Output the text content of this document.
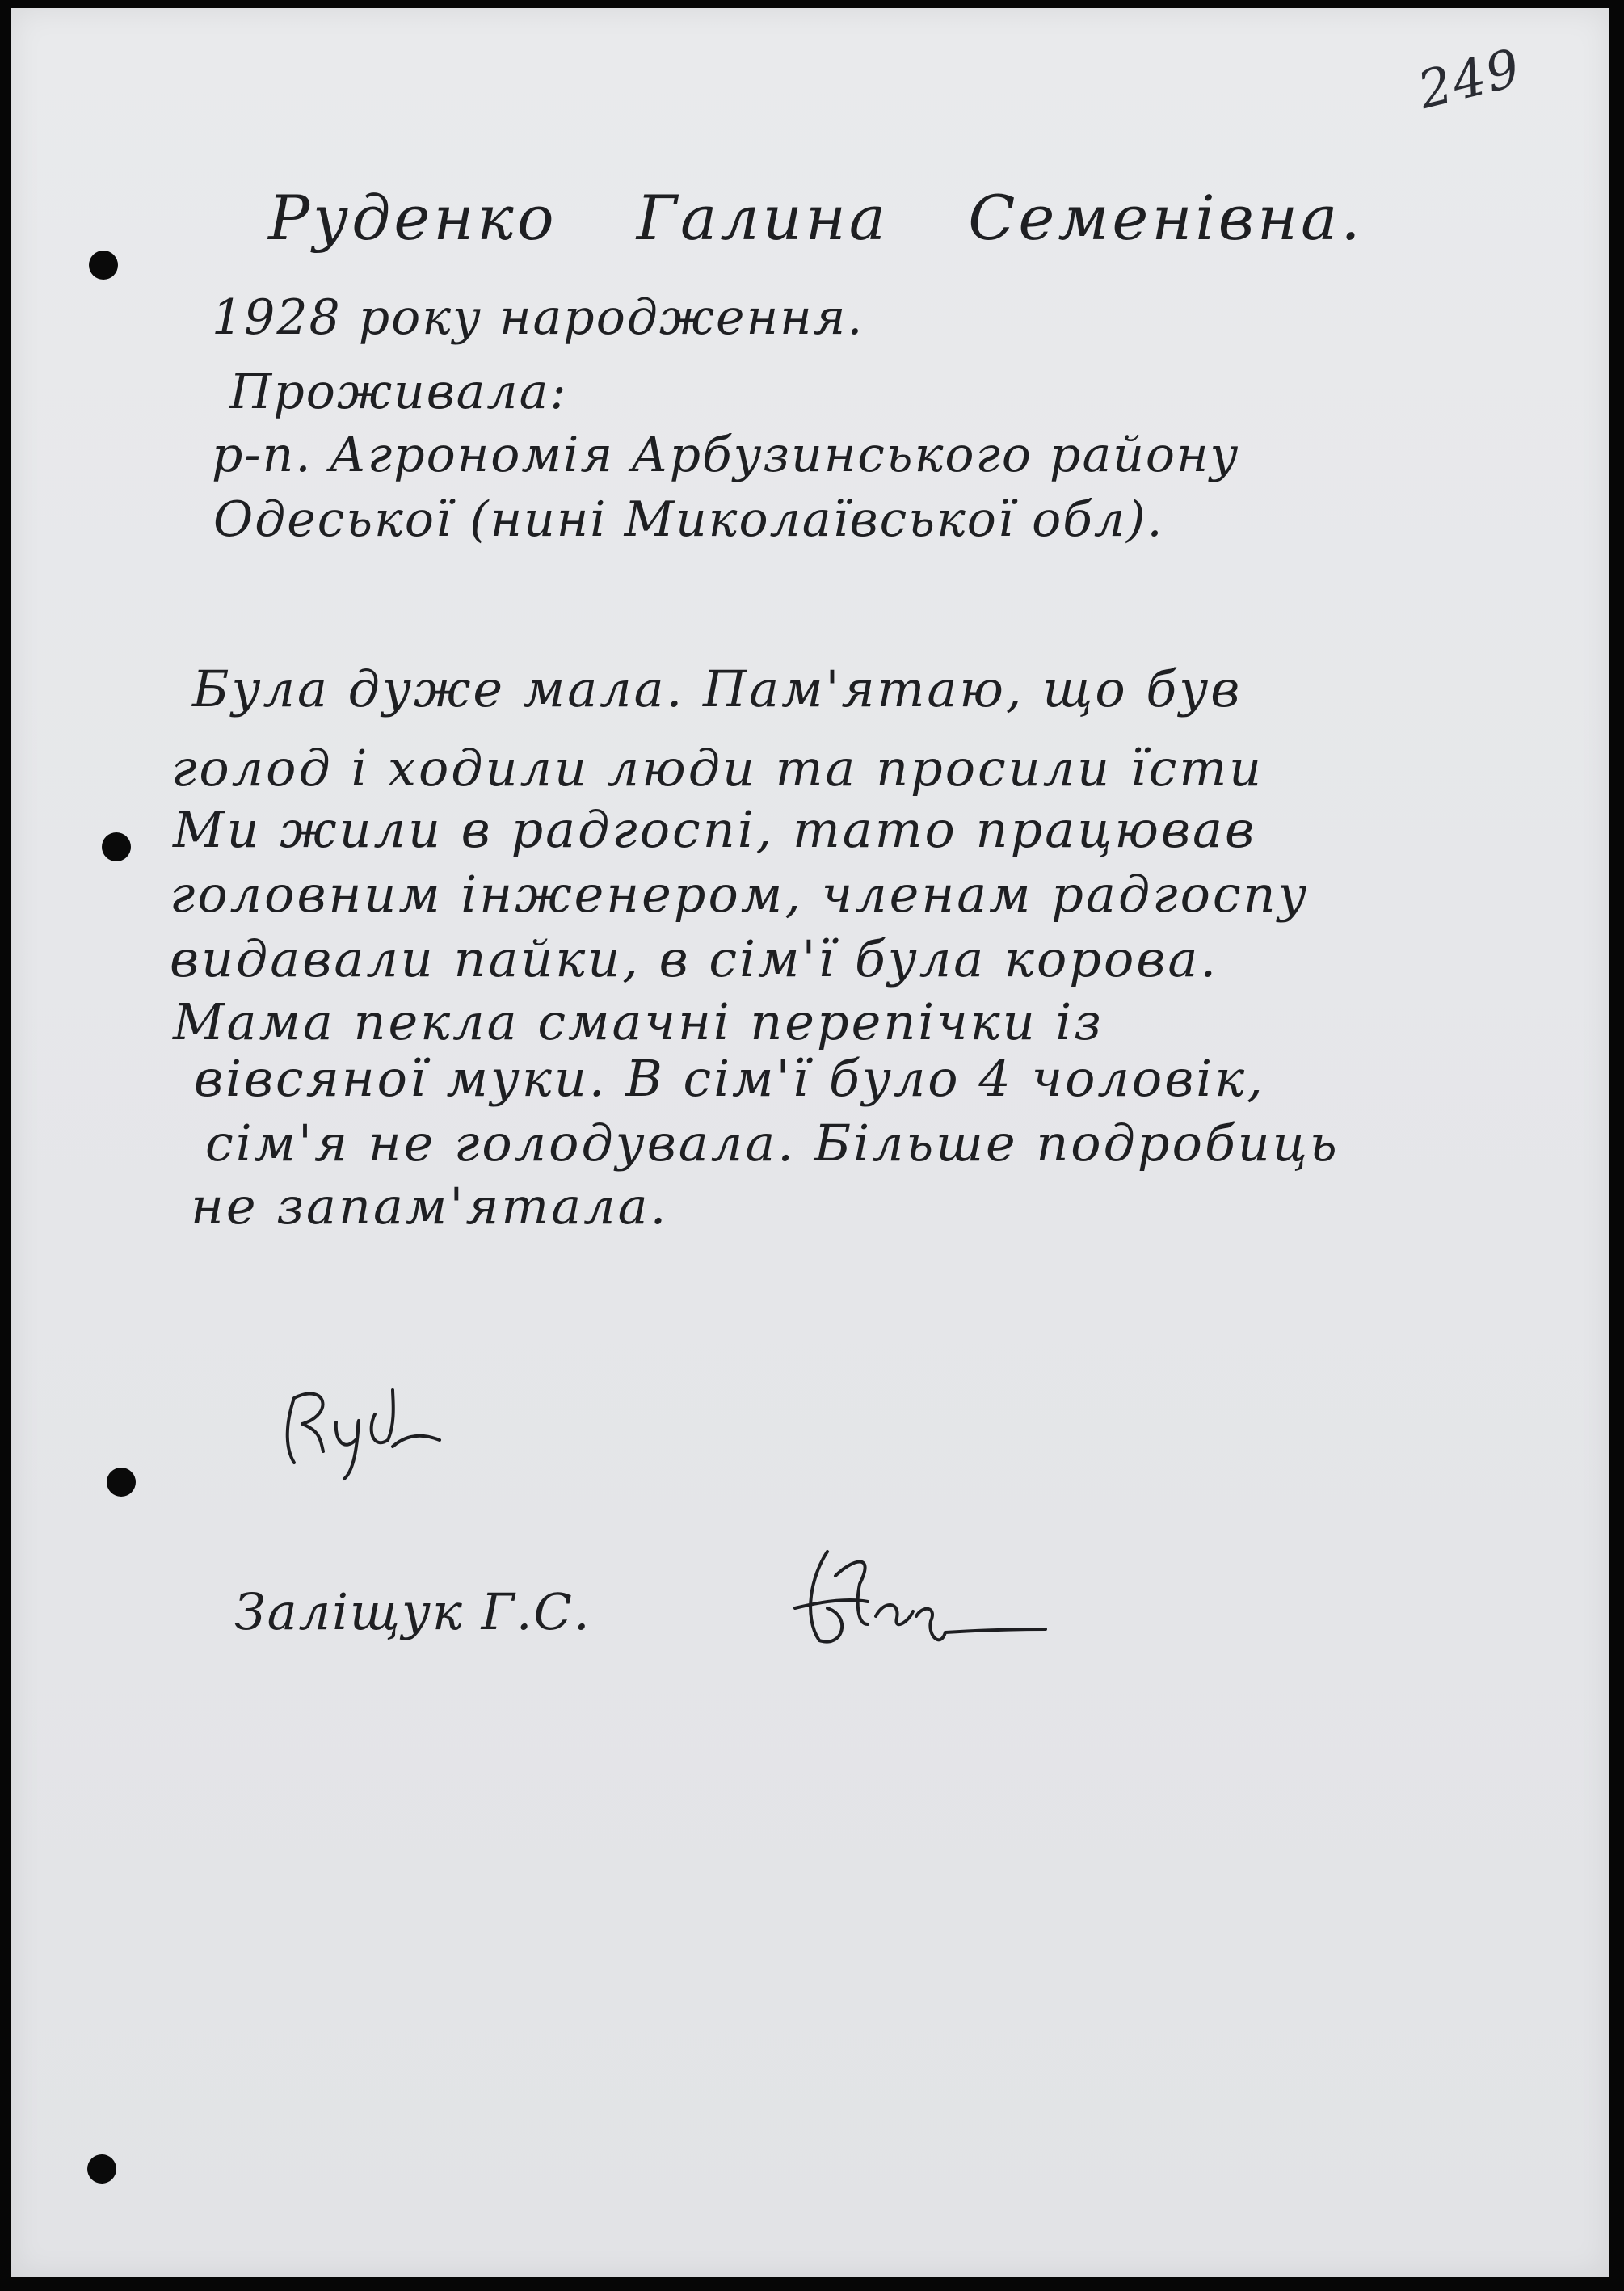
249
Руденко Галина Семенівна.
1928 року народження.
Проживала:
р-п. Агрономія Арбузинського району
Одеської (нині Миколаївської обл).
Була дуже мала. Пам'ятаю, що був
голод і ходили люди та просили їсти
Ми жили в радгоспі, тато працював
головним інженером, членам радгоспу
видавали пайки, в сім'ї була корова.
Мама пекла смачні перепічки із
вівсяної муки. В сім'ї було 4 чоловік,
сім'я не голодувала. Більше подробиць
не запам'ятала.
Заліщук Г.С.
